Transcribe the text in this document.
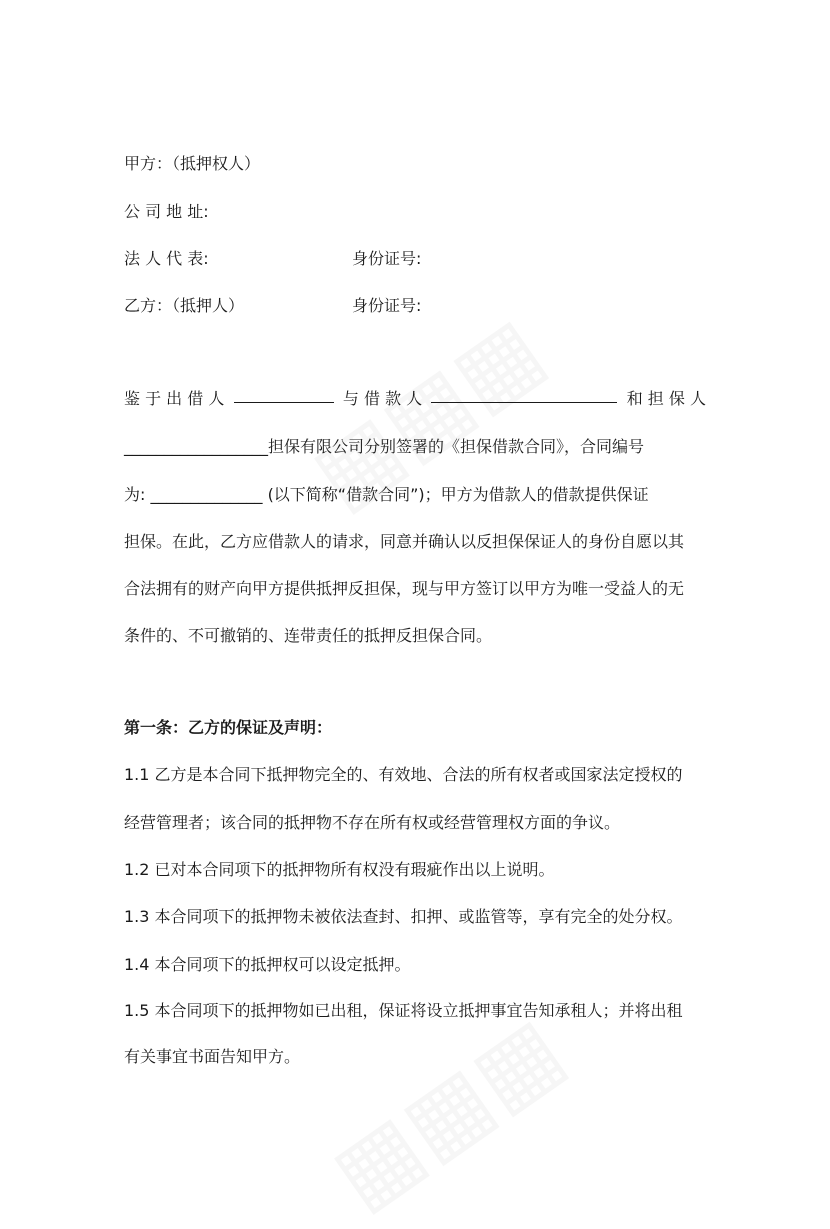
甲方：（抵押权人）
公 司 地 址:
法 人 代 表:	身份证号:
乙方：（抵押人）	身份证号:
鉴 于 出 借 人	与 借 款 人	和 担 保 人
__________________担保有限公司分别签署的《担保借款合同》，合同编号
为: ______________ (以下简称“借款合同”)；甲方为借款人的借款提供保证
担保。在此，乙方应借款人的请求，同意并确认以反担保保证人的身份自愿以其
合法拥有的财产向甲方提供抵押反担保，现与甲方签订以甲方为唯一受益人的无
条件的、不可撤销的、连带责任的抵押反担保合同。
第一条：乙方的保证及声明：
1.1 乙方是本合同下抵押物完全的、有效地、合法的所有权者或国家法定授权的
经营管理者；该合同的抵押物不存在所有权或经营管理权方面的争议。
1.2 已对本合同项下的抵押物所有权没有瑕疵作出以上说明。
1.3 本合同项下的抵押物未被依法查封、扣押、或监管等，享有完全的处分权。
1.4 本合同项下的抵押权可以设定抵押。
1.5 本合同项下的抵押物如已出租，保证将设立抵押事宜告知承租人；并将出租
有关事宜书面告知甲方。
